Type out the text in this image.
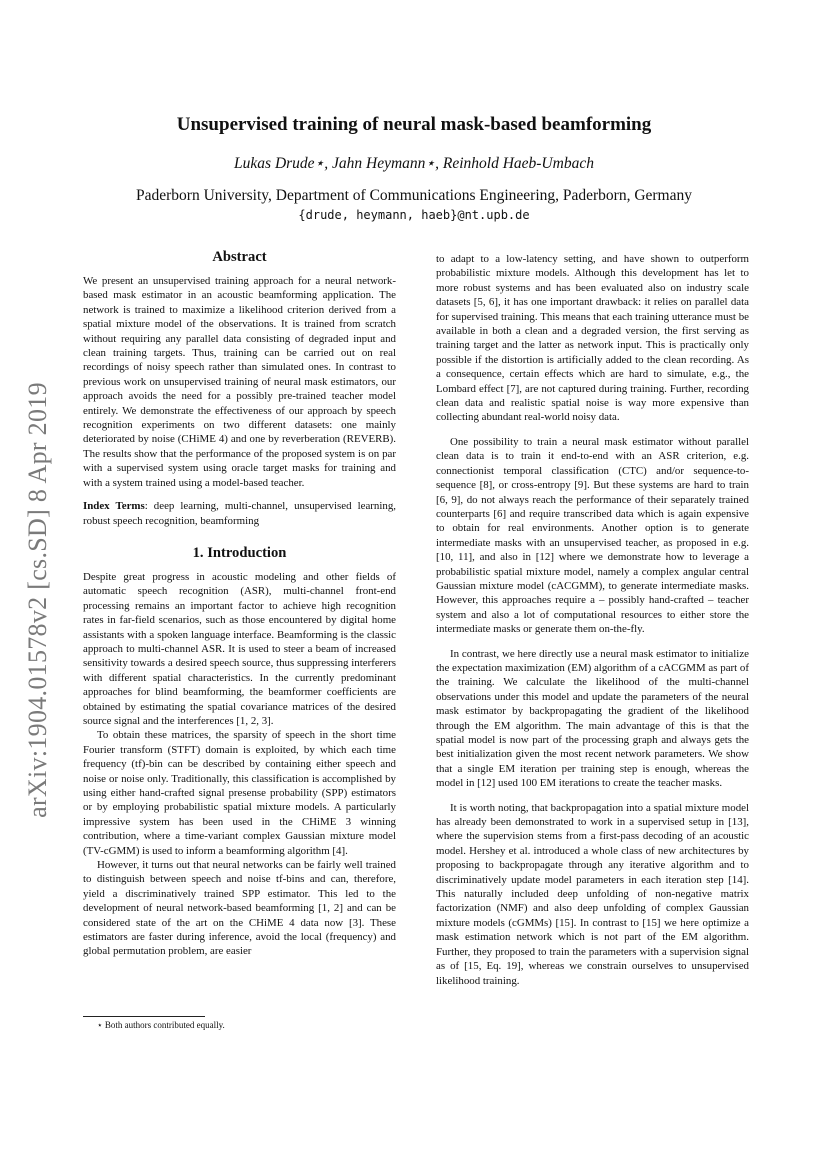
arXiv:1904.01578v2 [cs.SD] 8 Apr 2019
Unsupervised training of neural mask-based beamforming
Lukas Drude⋆, Jahn Heymann⋆, Reinhold Haeb-Umbach
Paderborn University, Department of Communications Engineering, Paderborn, Germany
{drude, heymann, haeb}@nt.upb.de
Abstract

We present an unsupervised training approach for a neural network-based mask estimator in an acoustic beamforming application. The network is trained to maximize a likelihood criterion derived from a spatial mixture model of the observations. It is trained from scratch without requiring any parallel data consisting of degraded input and clean training targets. Thus, training can be carried out on real recordings of noisy speech rather than simulated ones. In contrast to previous work on unsupervised training of neural mask estimators, our approach avoids the need for a possibly pre-trained teacher model entirely. We demonstrate the effectiveness of our approach by speech recognition experiments on two different datasets: one mainly deteriorated by noise (CHiME 4) and one by reverberation (REVERB). The results show that the performance of the proposed system is on par with a supervised system using oracle target masks for training and with a system trained using a model-based teacher.

Index Terms: deep learning, multi-channel, unsupervised learning, robust speech recognition, beamforming

1. Introduction

Despite great progress in acoustic modeling and other fields of automatic speech recognition (ASR), multi-channel front-end processing remains an important factor to achieve high recognition rates in far-field scenarios, such as those encountered by digital home assistants with a spoken language interface. Beamforming is the classic approach to multi-channel ASR. It is used to steer a beam of increased sensitivity towards a desired speech source, thus suppressing interferers with different spatial characteristics. In the currently predominant approaches for blind beamforming, the beamformer coefficients are obtained by estimating the spatial covariance matrices of the desired source signal and the interferences [1, 2, 3].

To obtain these matrices, the sparsity of speech in the short time Fourier transform (STFT) domain is exploited, by which each time frequency (tf)-bin can be described by containing either speech and noise or noise only. Traditionally, this classification is accomplished by using either hand-crafted signal presense probability (SPP) estimators or by employing probabilistic spatial mixture models. A particularly impressive system has been used in the CHiME 3 winning contribution, where a time-variant complex Gaussian mixture model (TV-cGMM) is used to inform a beamforming algorithm [4].

However, it turns out that neural networks can be fairly well trained to distinguish between speech and noise tf-bins and can, therefore, yield a discriminatively trained SPP estimator. This led to the development of neural network-based beamforming [1, 2] and can be considered state of the art on the CHiME 4 data now [3]. These estimators are faster during inference, avoid the local (frequency) and global permutation problem, are easier

to adapt to a low-latency setting, and have shown to outperform probabilistic mixture models. Although this development has let to more robust systems and has been evaluated also on industry scale datasets [5, 6], it has one important drawback: it relies on parallel data for supervised training. This means that each training utterance must be available in both a clean and a degraded version, the first serving as training target and the latter as network input. This is practically only possible if the distortion is artificially added to the clean recording. As a consequence, certain effects which are hard to simulate, e.g., the Lombard effect [7], are not captured during training. Further, recording clean data and realistic spatial noise is way more expensive than collecting abundant real-world noisy data.

One possibility to train a neural mask estimator without parallel clean data is to train it end-to-end with an ASR criterion, e.g. connectionist temporal classification (CTC) and/or sequence-to-sequence [8], or cross-entropy [9]. But these systems are hard to train [6, 9], do not always reach the performance of their separately trained counterparts [6] and require transcribed data which is again expensive to obtain for real environments. Another option is to generate intermediate masks with an unsupervised teacher, as proposed in e.g. [10, 11], and also in [12] where we demonstrate how to leverage a probabilistic spatial mixture model, namely a complex angular central Gaussian mixture model (cACGMM), to generate intermediate masks. However, this approaches require a – possibly hand-crafted – teacher system and also a lot of computational resources to either store the intermediate masks or generate them on-the-fly.

In contrast, we here directly use a neural mask estimator to initialize the expectation maximization (EM) algorithm of a cACGMM as part of the training. We calculate the likelihood of the multi-channel observations under this model and update the parameters of the neural mask estimator by backpropagating the gradient of the likelihood through the EM algorithm. The main advantage of this is that the spatial model is now part of the processing graph and always gets the best initialization given the most recent network parameters. We show that a single EM iteration per training step is enough, whereas the model in [12] used 100 EM iterations to create the teacher masks.

It is worth noting, that backpropagation into a spatial mixture model has already been demonstrated to work in a supervised setup in [13], where the supervision stems from a first-pass decoding of an acoustic model. Hershey et al. introduced a whole class of new architectures by proposing to backpropagate through any iterative algorithm and to discriminatively update model parameters in each iteration step [14]. This naturally included deep unfolding of non-negative matrix factorization (NMF) and also deep unfolding of complex Gaussian mixture models (cGMMs) [15]. In contrast to [15] we here optimize a mask estimation network which is not part of the EM algorithm. Further, they proposed to train the parameters with a supervision signal as of [15, Eq. 19], whereas we constrain ourselves to unsupervised likelihood training.

⋆ Both authors contributed equally.
